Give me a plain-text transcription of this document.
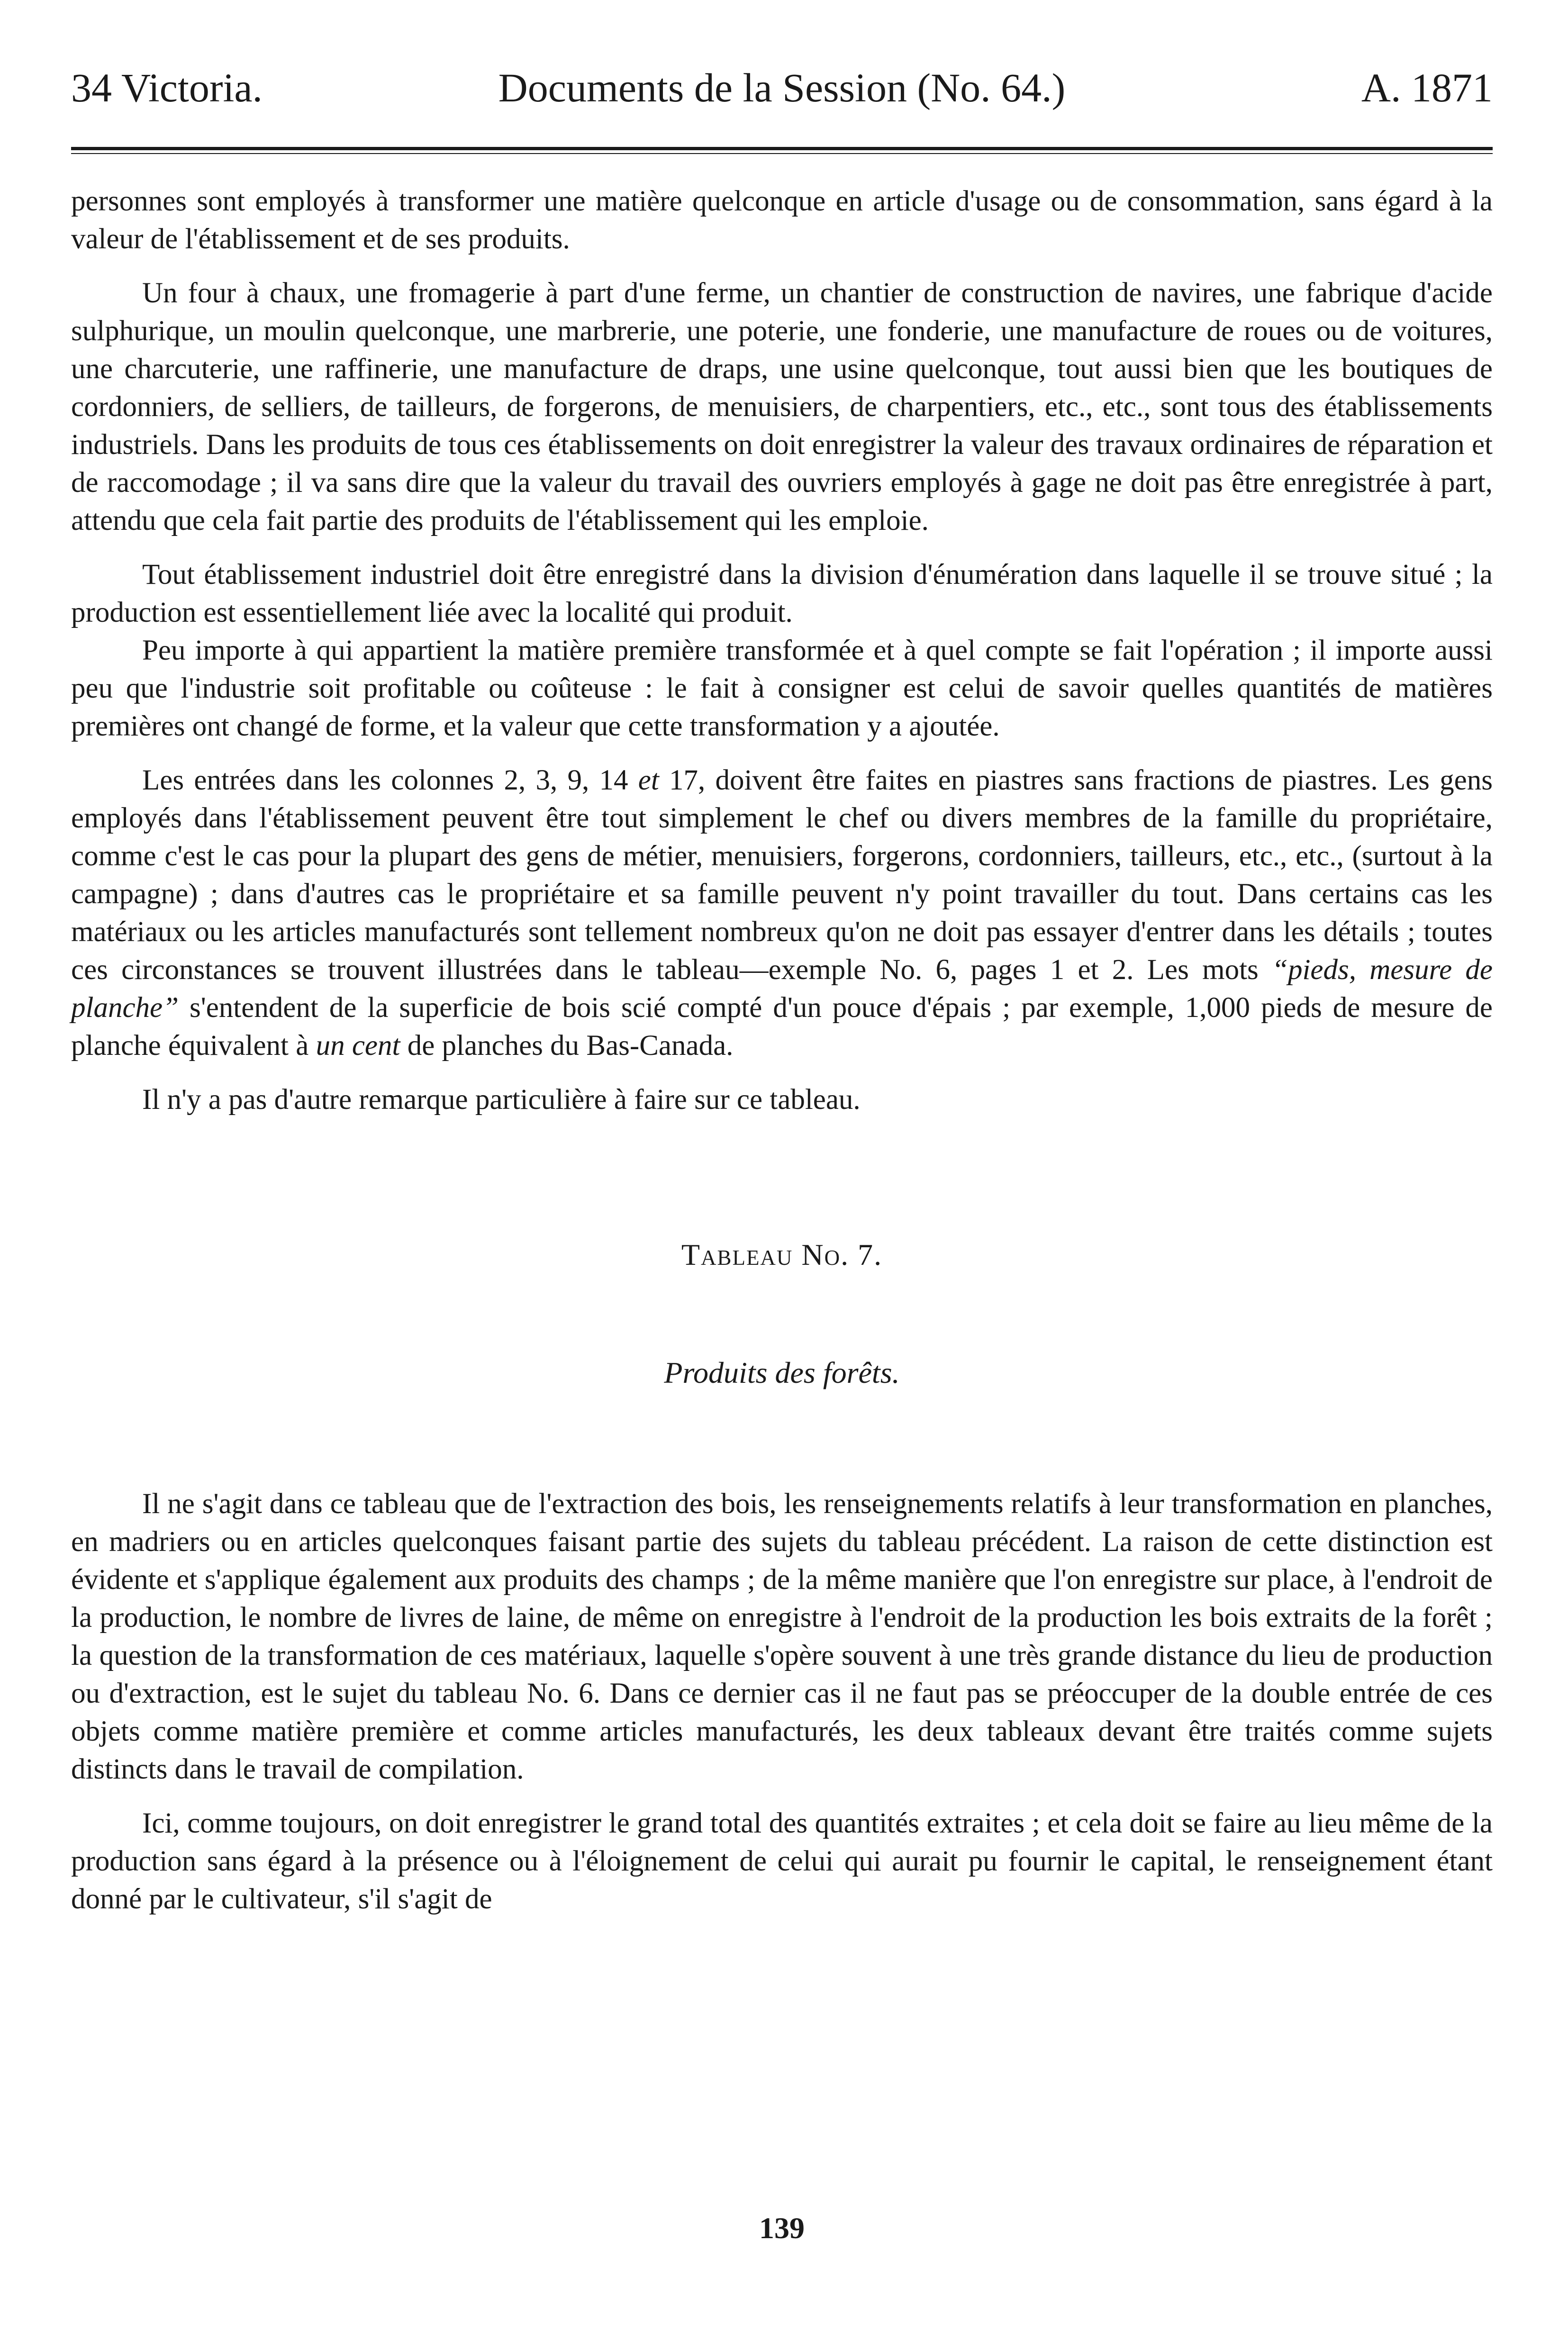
34 Victoria.	Documents de la Session (No. 64.)	A. 1871

personnes sont employés à transformer une matière quelconque en article d'usage ou de consommation, sans égard à la valeur de l'établissement et de ses produits.

Un four à chaux, une fromagerie à part d'une ferme, un chantier de construction de navires, une fabrique d'acide sulphurique, un moulin quelconque, une marbrerie, une poterie, une fonderie, une manufacture de roues ou de voitures, une charcuterie, une raffinerie, une manufacture de draps, une usine quelconque, tout aussi bien que les boutiques de cordonniers, de selliers, de tailleurs, de forgerons, de menuisiers, de charpentiers, etc., etc., sont tous des établissements industriels. Dans les produits de tous ces établissements on doit enregistrer la valeur des travaux ordinaires de réparation et de raccomodage ; il va sans dire que la valeur du travail des ouvriers employés à gage ne doit pas être enregistrée à part, attendu que cela fait partie des produits de l'établissement qui les emploie.

Tout établissement industriel doit être enregistré dans la division d'énumération dans laquelle il se trouve situé ; la production est essentiellement liée avec la localité qui produit.

Peu importe à qui appartient la matière première transformée et à quel compte se fait l'opération ; il importe aussi peu que l'industrie soit profitable ou coûteuse : le fait à consigner est celui de savoir quelles quantités de matières premières ont changé de forme, et la valeur que cette transformation y a ajoutée.

Les entrées dans les colonnes 2, 3, 9, 14 et 17, doivent être faites en piastres sans fractions de piastres. Les gens employés dans l'établissement peuvent être tout simplement le chef ou divers membres de la famille du propriétaire, comme c'est le cas pour la plupart des gens de métier, menuisiers, forgerons, cordonniers, tailleurs, etc., etc., (surtout à la campagne) ; dans d'autres cas le propriétaire et sa famille peuvent n'y point travailler du tout. Dans certains cas les matériaux ou les articles manufacturés sont tellement nombreux qu'on ne doit pas essayer d'entrer dans les détails ; toutes ces circonstances se trouvent illustrées dans le tableau—exemple No. 6, pages 1 et 2. Les mots “pieds, mesure de planche” s'entendent de la superficie de bois scié compté d'un pouce d'épais ; par exemple, 1,000 pieds de mesure de planche équivalent à un cent de planches du Bas-Canada.

Il n'y a pas d'autre remarque particulière à faire sur ce tableau.

Tableau No. 7.
Produits des forêts.

Il ne s'agit dans ce tableau que de l'extraction des bois, les renseignements relatifs à leur transformation en planches, en madriers ou en articles quelconques faisant partie des sujets du tableau précédent. La raison de cette distinction est évidente et s'applique également aux produits des champs ; de la même manière que l'on enregistre sur place, à l'endroit de la production, le nombre de livres de laine, de même on enregistre à l'endroit de la production les bois extraits de la forêt ; la question de la transformation de ces matériaux, laquelle s'opère souvent à une très grande distance du lieu de production ou d'extraction, est le sujet du tableau No. 6. Dans ce dernier cas il ne faut pas se préoccuper de la double entrée de ces objets comme matière première et comme articles manufacturés, les deux tableaux devant être traités comme sujets distincts dans le travail de compilation.

Ici, comme toujours, on doit enregistrer le grand total des quantités extraites ; et cela doit se faire au lieu même de la production sans égard à la présence ou à l'éloignement de celui qui aurait pu fournir le capital, le renseignement étant donné par le cultivateur, s'il s'agit de

139
